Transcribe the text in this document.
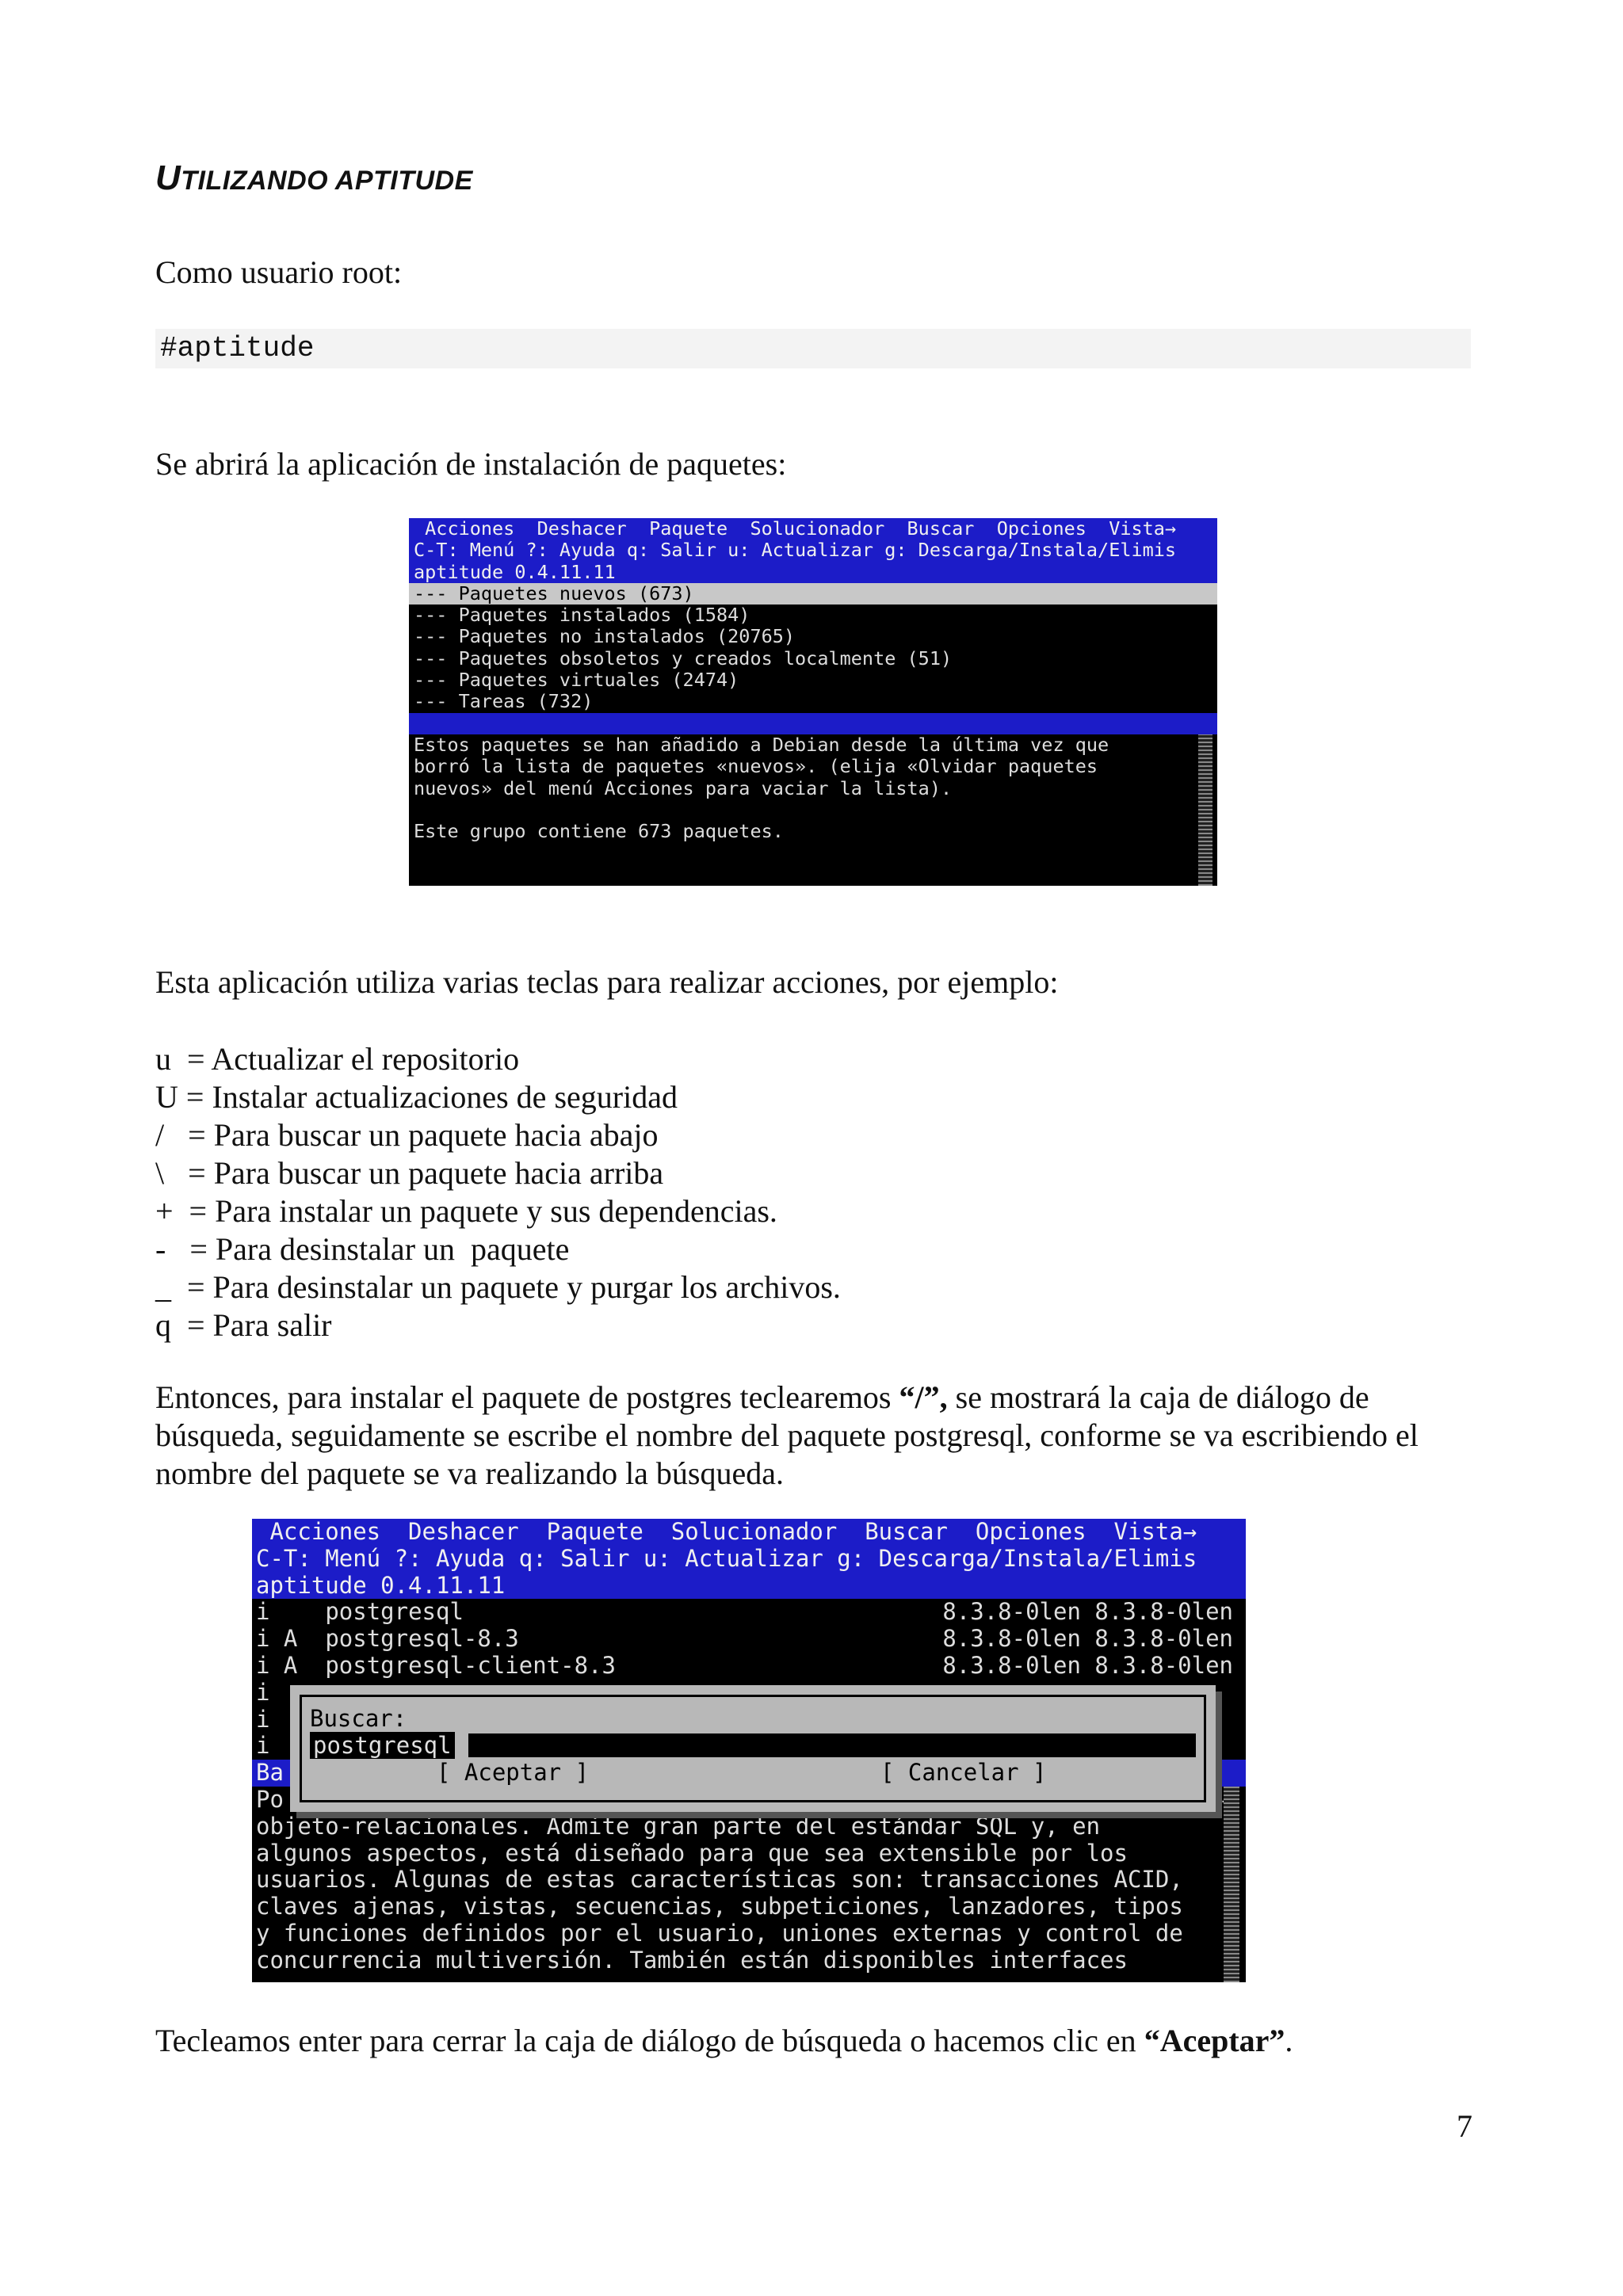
UTILIZANDO APTITUDE
Como usuario root:
#aptitude
Se abrirá la aplicación de instalación de paquetes:
Acciones  Deshacer  Paquete  Solucionador  Buscar  Opciones  Vista→
C-T: Menú ?: Ayuda q: Salir u: Actualizar g: Descarga/Instala/Elimis
aptitude 0.4.11.11
--- Paquetes nuevos (673)
--- Paquetes instalados (1584)
--- Paquetes no instalados (20765)
--- Paquetes obsoletos y creados localmente (51)
--- Paquetes virtuales (2474)
--- Tareas (732)
Estos paquetes se han añadido a Debian desde la última vez que
borró la lista de paquetes «nuevos». (elija «Olvidar paquetes
nuevos» del menú Acciones para vaciar la lista).
Este grupo contiene 673 paquetes.
Esta aplicación utiliza varias teclas para realizar acciones, por ejemplo:
u  = Actualizar el repositorio
U = Instalar actualizaciones de seguridad
/   = Para buscar un paquete hacia abajo
\   = Para buscar un paquete hacia arriba
+  = Para instalar un paquete y sus dependencias.
-   = Para desinstalar un  paquete
_  = Para desinstalar un paquete y purgar los archivos.
q  = Para salir
Entonces, para instalar el paquete de postgres teclearemos “/”, se mostrará la caja de diálogo de búsqueda, seguidamente se escribe el nombre del paquete postgresql, conforme se va escribiendo el nombre del paquete se va realizando la búsqueda.
Acciones  Deshacer  Paquete  Solucionador  Buscar  Opciones  Vista→
C-T: Menú ?: Ayuda q: Salir u: Actualizar g: Descarga/Instala/Elimis
aptitude 0.4.11.11
i    postgresql	8.3.8-0len 8.3.8-0len
i A  postgresql-8.3	8.3.8-0len 8.3.8-0len
i A  postgresql-client-8.3	8.3.8-0len 8.3.8-0len
i
i
i
Ba
Po
objeto-relacionales. Admite gran parte del estándar SQL y, en
algunos aspectos, está diseñado para que sea extensible por los
usuarios. Algunas de estas características son: transacciones ACID,
claves ajenas, vistas, secuencias, subpeticiones, lanzadores, tipos
y funciones definidos por el usuario, uniones externas y control de
concurrencia multiversión. También están disponibles interfaces
Buscar:
postgresql
[ Aceptar ]	[ Cancelar ]
Tecleamos enter para cerrar la caja de diálogo de búsqueda o hacemos clic en “Aceptar”.
7
